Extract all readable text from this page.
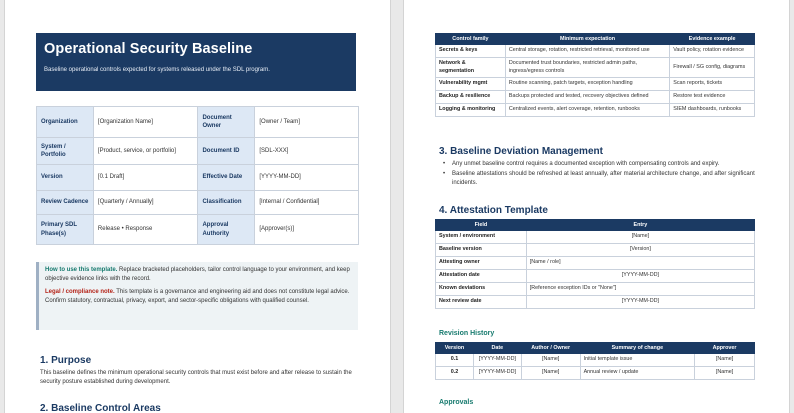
Operational Security Baseline

Baseline operational controls expected for systems released under the SDL program.

Organization	[Organization Name]	Document Owner	[Owner / Team]
System / Portfolio	[Product, service, or portfolio]	Document ID	[SDL-XXX]
Version	[0.1 Draft]	Effective Date	[YYYY-MM-DD]
Review Cadence	[Quarterly / Annually]	Classification	[Internal / Confidential]
Primary SDL Phase(s)	Release • Response	Approval Authority	[Approver(s)]
How to use this template. Replace bracketed placeholders, tailor control language to your environment, and keep objective evidence links with the record.
Legal / compliance note. This template is a governance and engineering aid and does not constitute legal advice. Confirm statutory, contractual, privacy, export, and sector-specific obligations with qualified counsel.
1. Purpose
This baseline defines the minimum operational security controls that must exist before and after release to sustain the security posture established during development.
2. Baseline Control Areas
Control family	Minimum expectation	Evidence example
Secrets & keys	Central storage, rotation, restricted retrieval, monitored use	Vault policy, rotation evidence
Network & segmentation	Documented trust boundaries, restricted admin paths, ingress/egress controls	Firewall / SG config, diagrams
Vulnerability mgmt	Routine scanning, patch targets, exception handling	Scan reports, tickets
Backup & resilience	Backups protected and tested, recovery objectives defined	Restore test evidence
Logging & monitoring	Centralized events, alert coverage, retention, runbooks	SIEM dashboards, runbooks
3. Baseline Deviation Management
• Any unmet baseline control requires a documented exception with compensating controls and expiry.
• Baseline attestations should be refreshed at least annually, after material architecture change, and after significant incidents.
4. Attestation Template
Field	Entry
System / environment	[Name]
Baseline version	[Version]
Attesting owner	[Name / role]
Attestation date	[YYYY-MM-DD]
Known deviations	[Reference exception IDs or "None"]
Next review date	[YYYY-MM-DD]
Revision History
Version	Date	Author / Owner	Summary of change	Approver
0.1	[YYYY-MM-DD]	[Name]	Initial template issue	[Name]
0.2	[YYYY-MM-DD]	[Name]	Annual review / update	[Name]
Approvals
